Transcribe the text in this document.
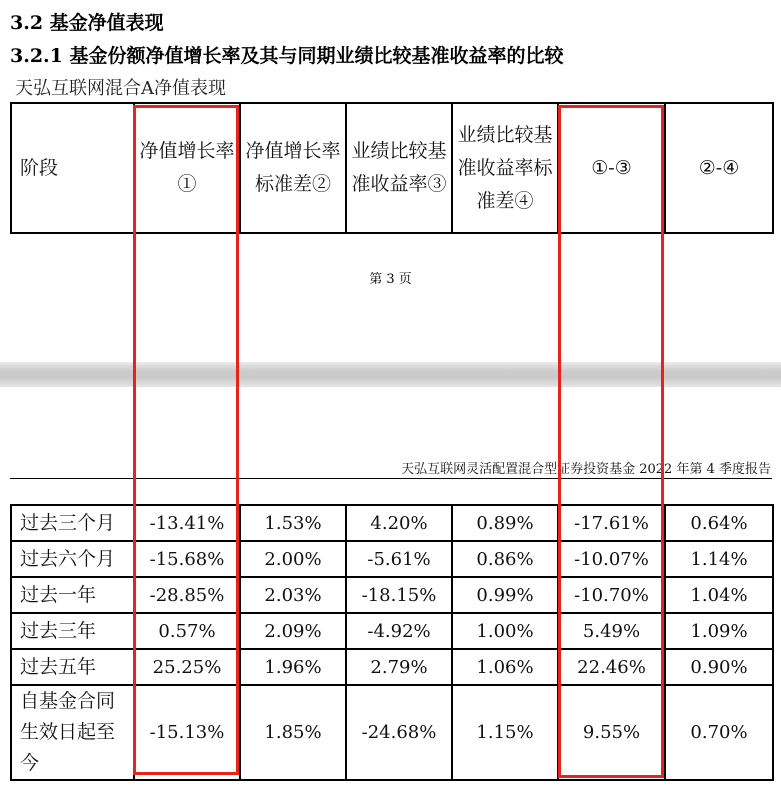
3.2 基金净值表现
3.2.1 基金份额净值增长率及其与同期业绩比较基准收益率的比较
天弘互联网混合A净值表现
阶段	净值增长率①	净值增长率标准差②	业绩比较基准收益率③	业绩比较基准收益率标准差④	①-③	②-④
第 3 页
天弘互联网灵活配置混合型证券投资基金 2022 年第 4 季度报告
过去三个月	-13.41%	1.53%	4.20%	0.89%	-17.61%	0.64%
过去六个月	-15.68%	2.00%	-5.61%	0.86%	-10.07%	1.14%
过去一年	-28.85%	2.03%	-18.15%	0.99%	-10.70%	1.04%
过去三年	0.57%	2.09%	-4.92%	1.00%	5.49%	1.09%
过去五年	25.25%	1.96%	2.79%	1.06%	22.46%	0.90%
自基金合同生效日起至今	-15.13%	1.85%	-24.68%	1.15%	9.55%	0.70%
